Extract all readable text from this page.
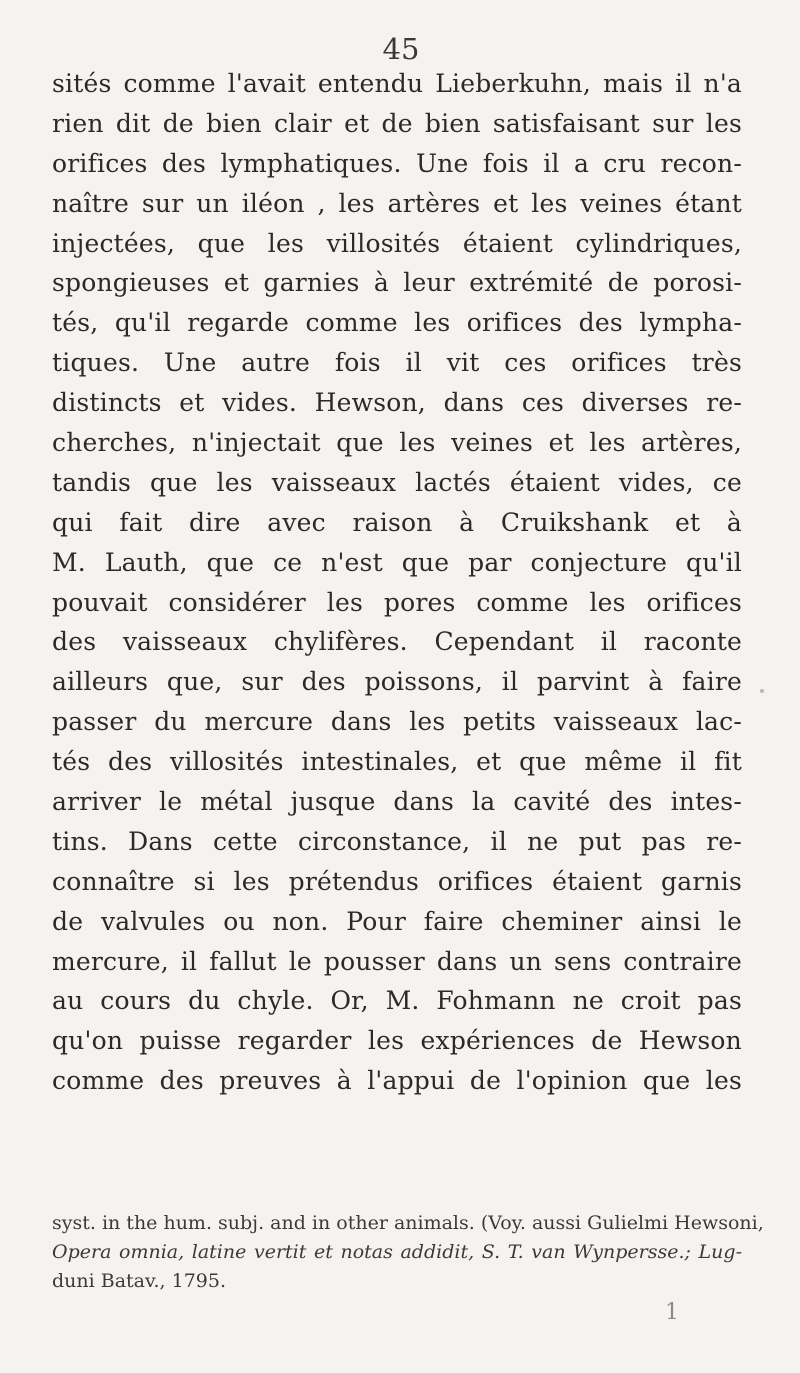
45
sités comme l'avait entendu Lieberkuhn, mais il n'a
rien dit de bien clair et de bien satisfaisant sur les
orifices des lymphatiques. Une fois il a cru recon-
naître sur un iléon , les artères et les veines étant
injectées, que les villosités étaient cylindriques,
spongieuses et garnies à leur extrémité de porosi-
tés, qu'il regarde comme les orifices des lympha-
tiques. Une autre fois il vit ces orifices très
distincts et vides. Hewson, dans ces diverses re-
cherches, n'injectait que les veines et les artères,
tandis que les vaisseaux lactés étaient vides, ce
qui fait dire avec raison à Cruikshank et à
M. Lauth, que ce n'est que par conjecture qu'il
pouvait considérer les pores comme les orifices
des vaisseaux chylifères. Cependant il raconte
ailleurs que, sur des poissons, il parvint à faire
passer du mercure dans les petits vaisseaux lac-
tés des villosités intestinales, et que même il fit
arriver le métal jusque dans la cavité des intes-
tins. Dans cette circonstance, il ne put pas re-
connaître si les prétendus orifices étaient garnis
de valvules ou non. Pour faire cheminer ainsi le
mercure, il fallut le pousser dans un sens contraire
au cours du chyle. Or, M. Fohmann ne croit pas
qu'on puisse regarder les expériences de Hewson
comme des preuves à l'appui de l'opinion que les
syst. in the hum. subj. and in other animals. (Voy. aussi Gulielmi Hewsoni,
Opera omnia, latine vertit et notas addidit, S. T. van Wynpersse.; Lug-
duni Batav., 1795.
1
